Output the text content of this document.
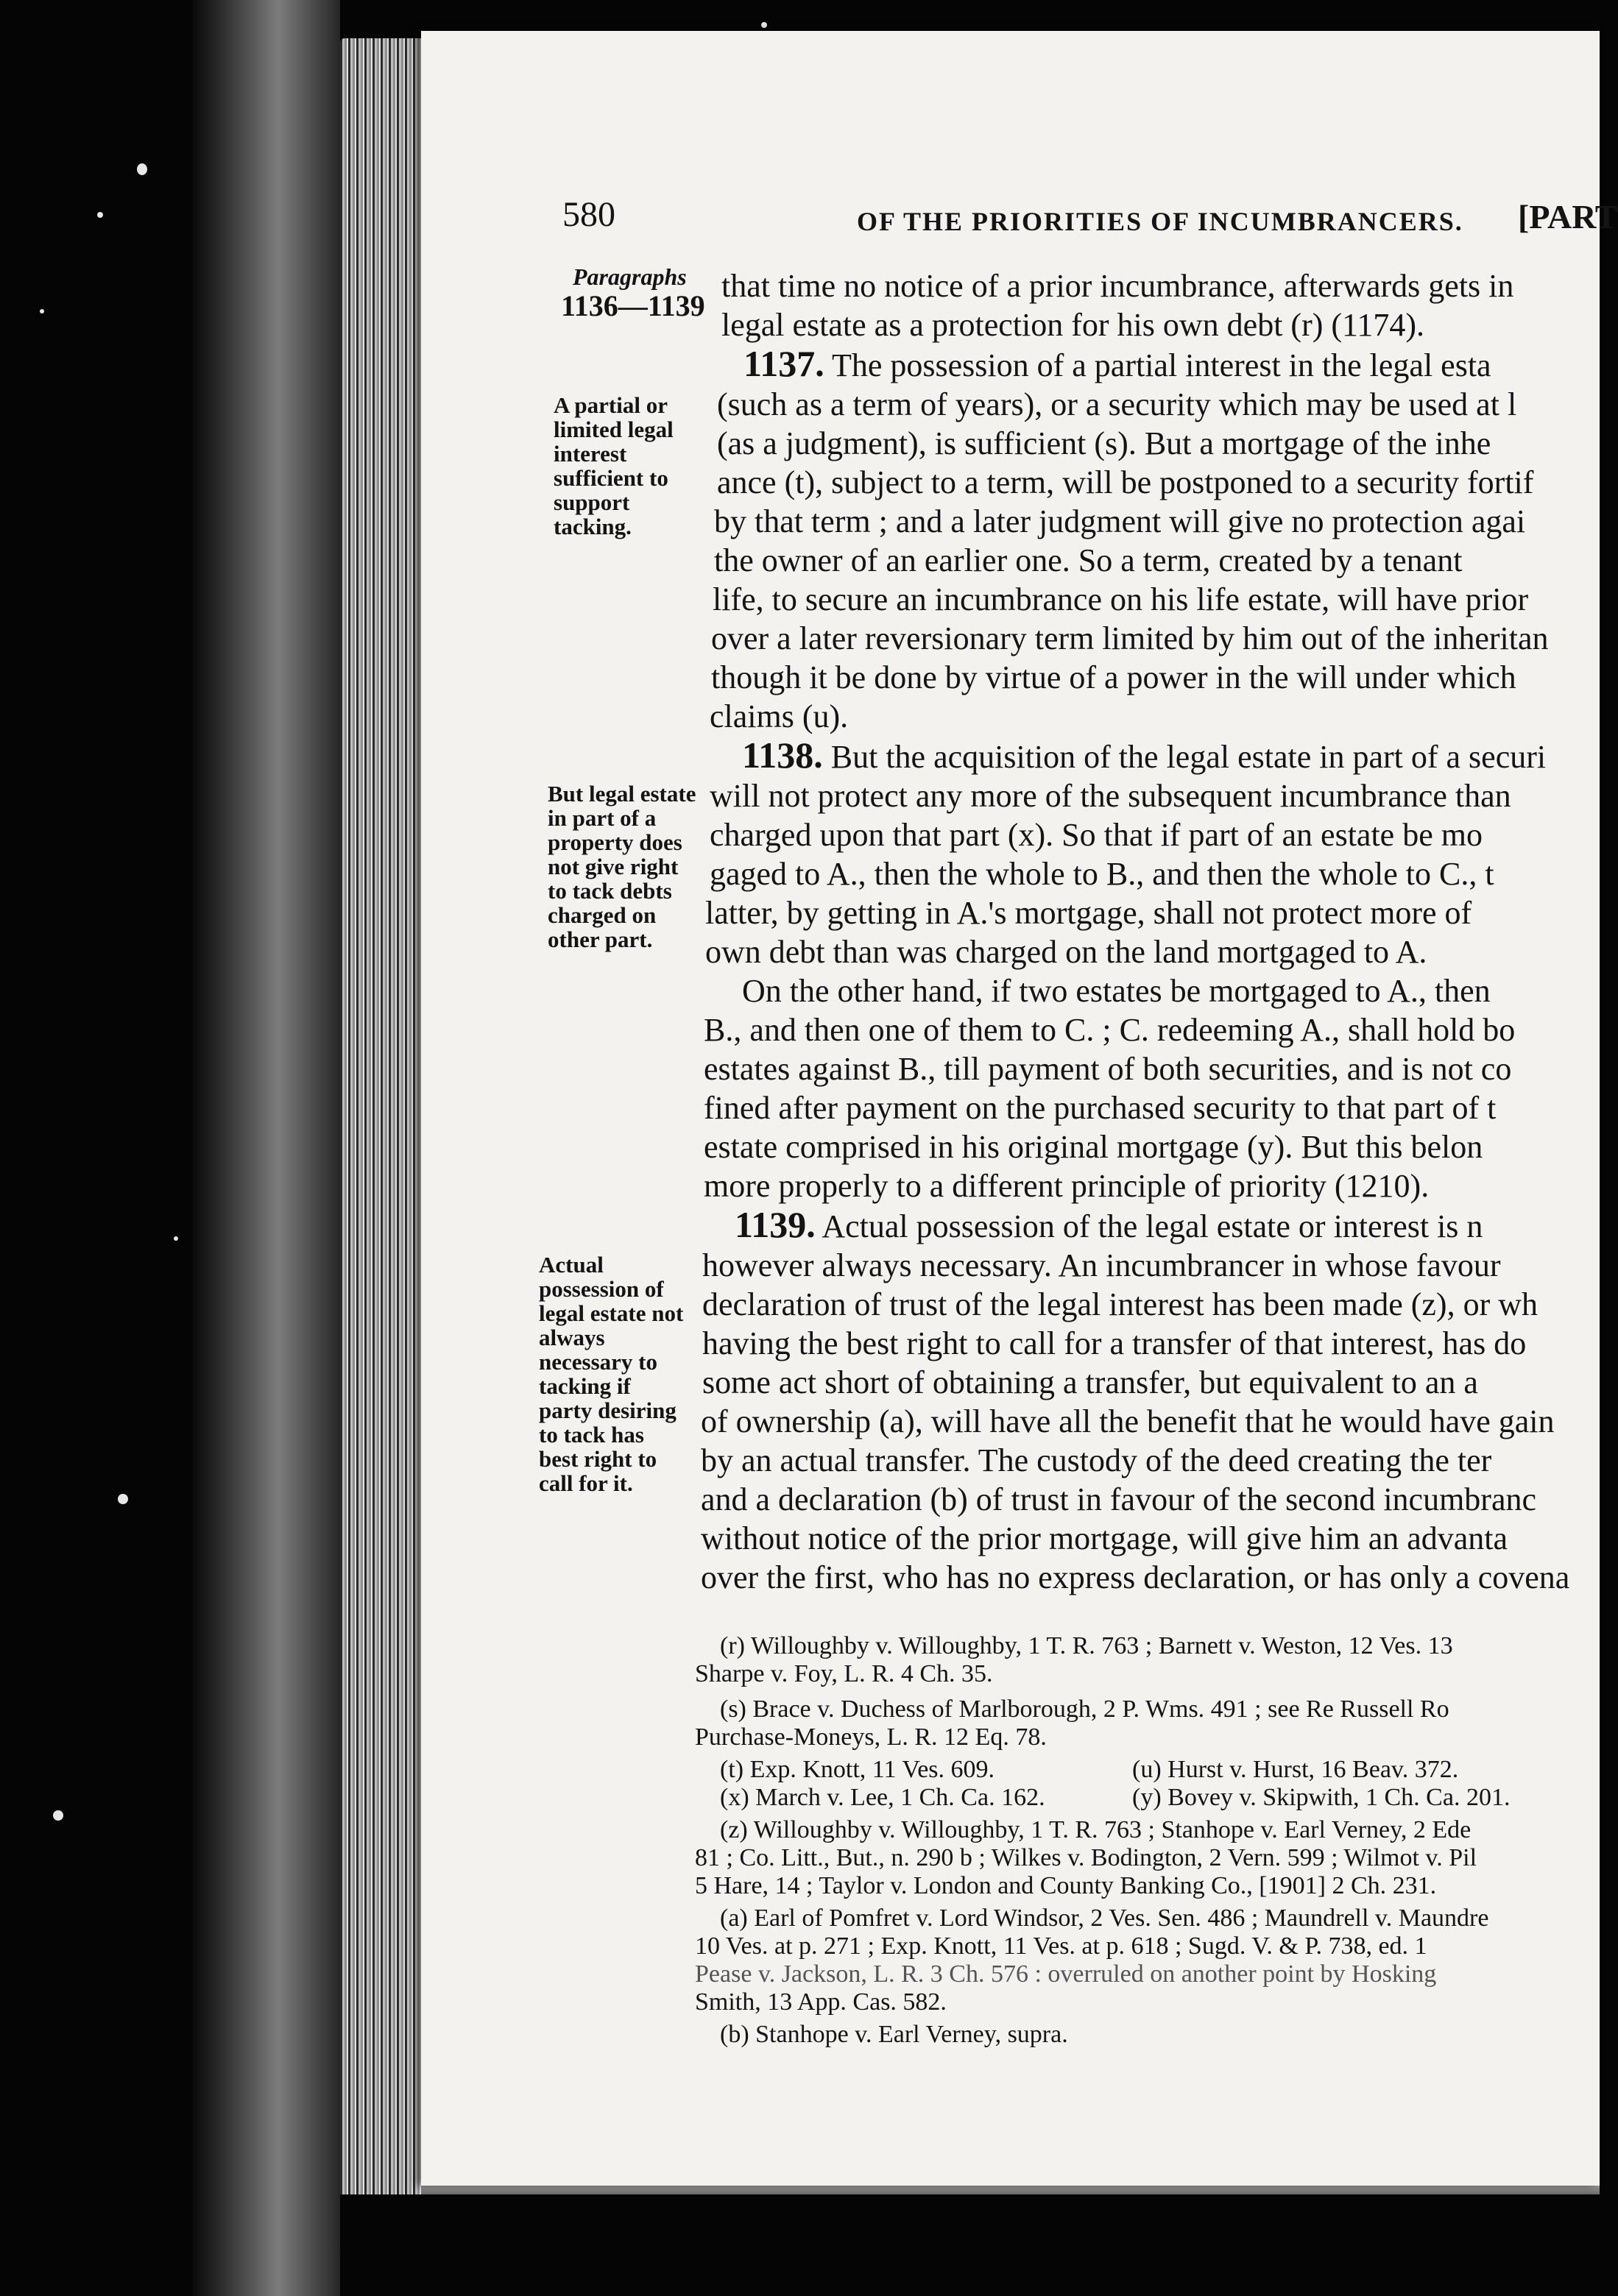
580	OF THE PRIORITIES OF INCUMBRANCERS. [PART
Paragraphs
1136—1139
A partial or limited legal interest sufficient to support tacking.
But legal estate in part of a property does not give right to tack debts charged on other part.
Actual possession of legal estate not always necessary to tacking if party desiring to tack has best right to call for it.
that time no notice of a prior incumbrance, afterwards gets in
legal estate as a protection for his own debt (r) (1174).
1137. The possession of a partial interest in the legal esta
(such as a term of years), or a security which may be used at l
(as a judgment), is sufficient (s). But a mortgage of the inhe
ance (t), subject to a term, will be postponed to a security fortif
by that term ; and a later judgment will give no protection agai
the owner of an earlier one. So a term, created by a tenant
life, to secure an incumbrance on his life estate, will have prior
over a later reversionary term limited by him out of the inheritan
though it be done by virtue of a power in the will under which
claims (u).
1138. But the acquisition of the legal estate in part of a securi
will not protect any more of the subsequent incumbrance than
charged upon that part (x). So that if part of an estate be mo
gaged to A., then the whole to B., and then the whole to C., t
latter, by getting in A.'s mortgage, shall not protect more of
own debt than was charged on the land mortgaged to A.
On the other hand, if two estates be mortgaged to A., then
B., and then one of them to C. ; C. redeeming A., shall hold bo
estates against B., till payment of both securities, and is not co
fined after payment on the purchased security to that part of t
estate comprised in his original mortgage (y). But this belon
more properly to a different principle of priority (1210).
1139. Actual possession of the legal estate or interest is n
however always necessary. An incumbrancer in whose favour
declaration of trust of the legal interest has been made (z), or wh
having the best right to call for a transfer of that interest, has do
some act short of obtaining a transfer, but equivalent to an a
of ownership (a), will have all the benefit that he would have gain
by an actual transfer. The custody of the deed creating the ter
and a declaration (b) of trust in favour of the second incumbranc
without notice of the prior mortgage, will give him an advanta
over the first, who has no express declaration, or has only a covena
(r) Willoughby v. Willoughby, 1 T. R. 763 ; Barnett v. Weston, 12 Ves. 13
Sharpe v. Foy, L. R. 4 Ch. 35.
(s) Brace v. Duchess of Marlborough, 2 P. Wms. 491 ; see Re Russell Ro
Purchase-Moneys, L. R. 12 Eq. 78.
(t) Exp. Knott, 11 Ves. 609.	(u) Hurst v. Hurst, 16 Beav. 372.
(x) March v. Lee, 1 Ch. Ca. 162.	(y) Bovey v. Skipwith, 1 Ch. Ca. 201.
(z) Willoughby v. Willoughby, 1 T. R. 763 ; Stanhope v. Earl Verney, 2 Ede
81 ; Co. Litt., But., n. 290 b ; Wilkes v. Bodington, 2 Vern. 599 ; Wilmot v. Pil
5 Hare, 14 ; Taylor v. London and County Banking Co., [1901] 2 Ch. 231.
(a) Earl of Pomfret v. Lord Windsor, 2 Ves. Sen. 486 ; Maundrell v. Maundre
10 Ves. at p. 271 ; Exp. Knott, 11 Ves. at p. 618 ; Sugd. V. & P. 738, ed. 1
Pease v. Jackson, L. R. 3 Ch. 576 : overruled on another point by Hosking
Smith, 13 App. Cas. 582.
(b) Stanhope v. Earl Verney, supra.
